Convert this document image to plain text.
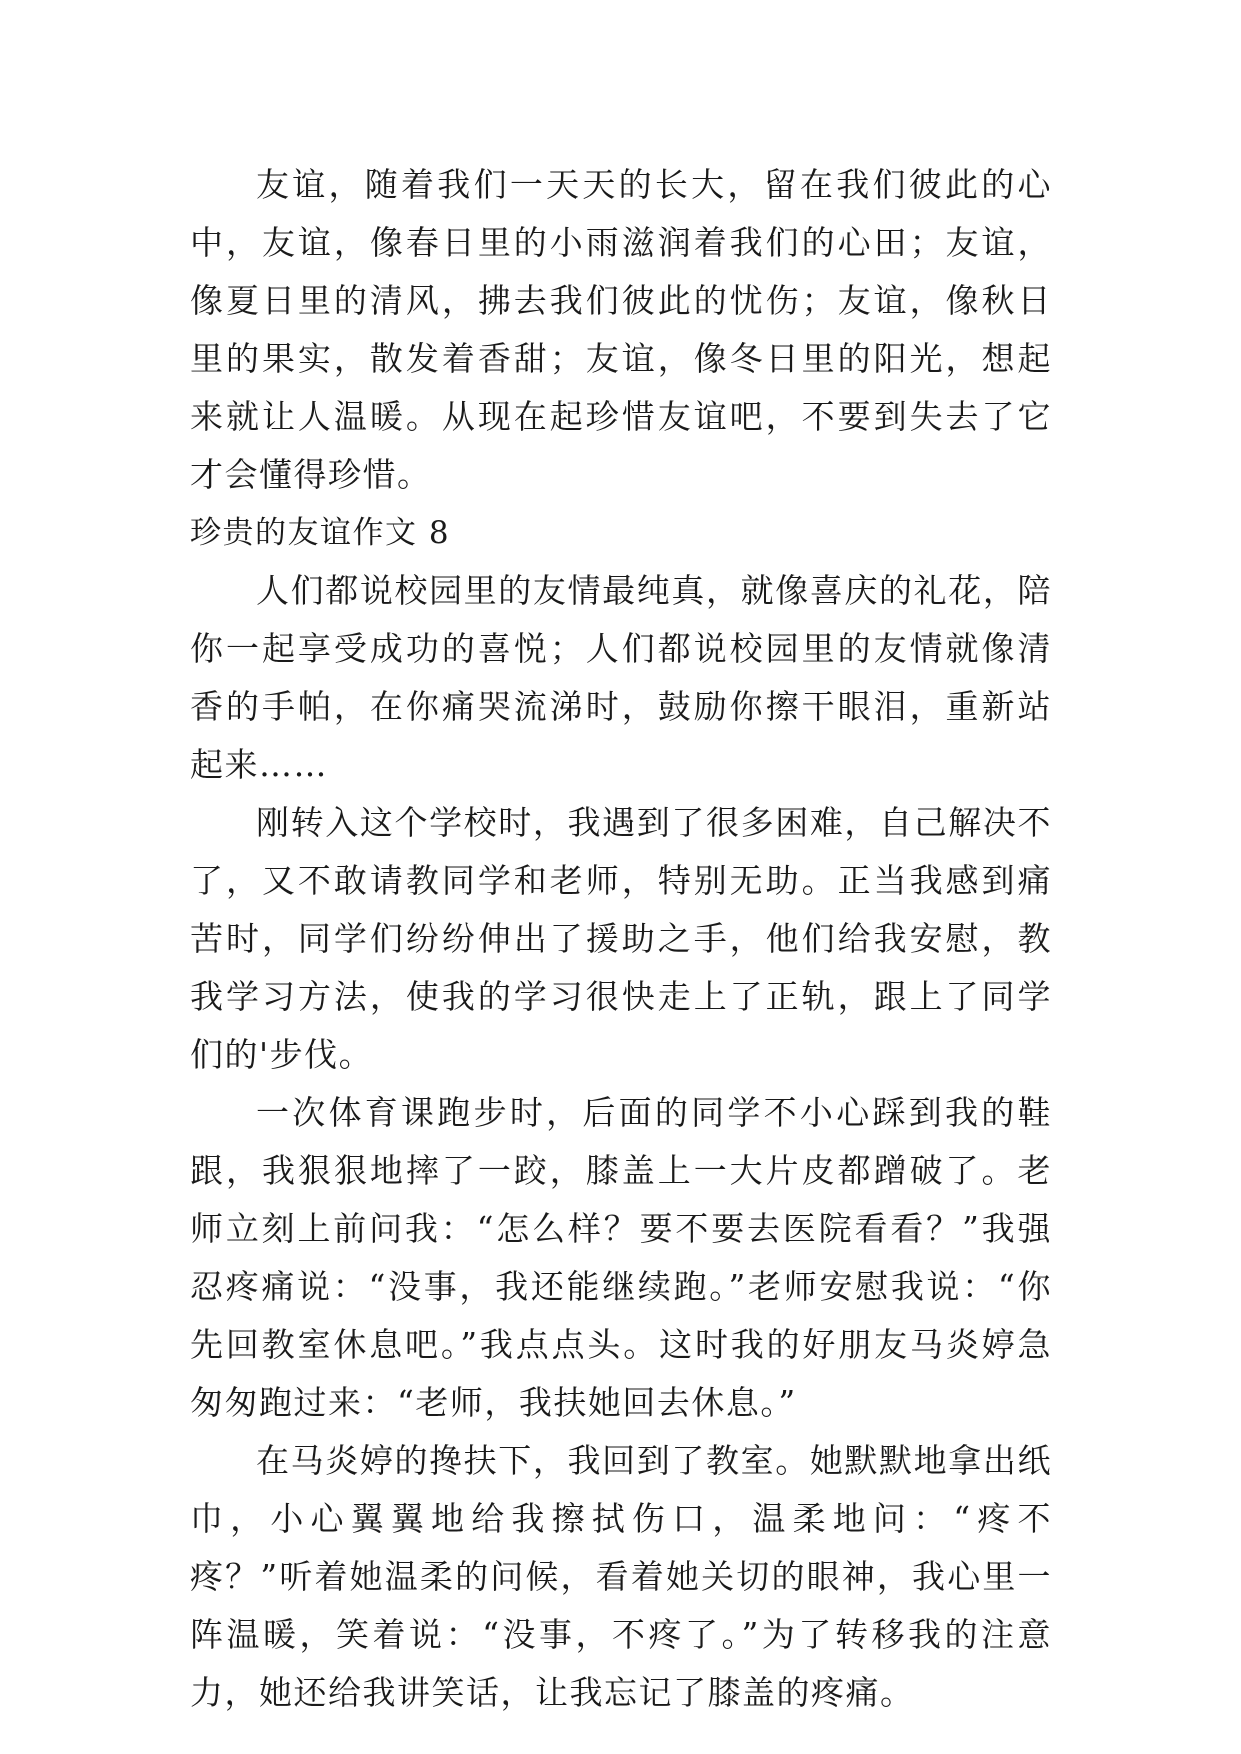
友谊，随着我们一天天的长大，留在我们彼此的心中，友谊，像春日里的小雨滋润着我们的心田；友谊，像夏日里的清风，拂去我们彼此的忧伤；友谊，像秋日里的果实，散发着香甜；友谊，像冬日里的阳光，想起来就让人温暖。从现在起珍惜友谊吧，不要到失去了它才会懂得珍惜。

珍贵的友谊作文 8

人们都说校园里的友情最纯真，就像喜庆的礼花，陪你一起享受成功的喜悦；人们都说校园里的友情就像清香的手帕，在你痛哭流涕时，鼓励你擦干眼泪，重新站起来……

刚转入这个学校时，我遇到了很多困难，自己解决不了，又不敢请教同学和老师，特别无助。正当我感到痛苦时，同学们纷纷伸出了援助之手，他们给我安慰，教我学习方法，使我的学习很快走上了正轨，跟上了同学们的'步伐。

一次体育课跑步时，后面的同学不小心踩到我的鞋跟，我狠狠地摔了一跤，膝盖上一大片皮都蹭破了。老师立刻上前问我：“怎么样？要不要去医院看看？”我强忍疼痛说：“没事，我还能继续跑。”老师安慰我说：“你先回教室休息吧。”我点点头。这时我的好朋友马炎婷急匆匆跑过来：“老师，我扶她回去休息。”

在马炎婷的搀扶下，我回到了教室。她默默地拿出纸巾，小心翼翼地给我擦拭伤口，温柔地问：“疼不疼？”听着她温柔的问候，看着她关切的眼神，我心里一阵温暖，笑着说：“没事，不疼了。”为了转移我的注意力，她还给我讲笑话，让我忘记了膝盖的疼痛。
